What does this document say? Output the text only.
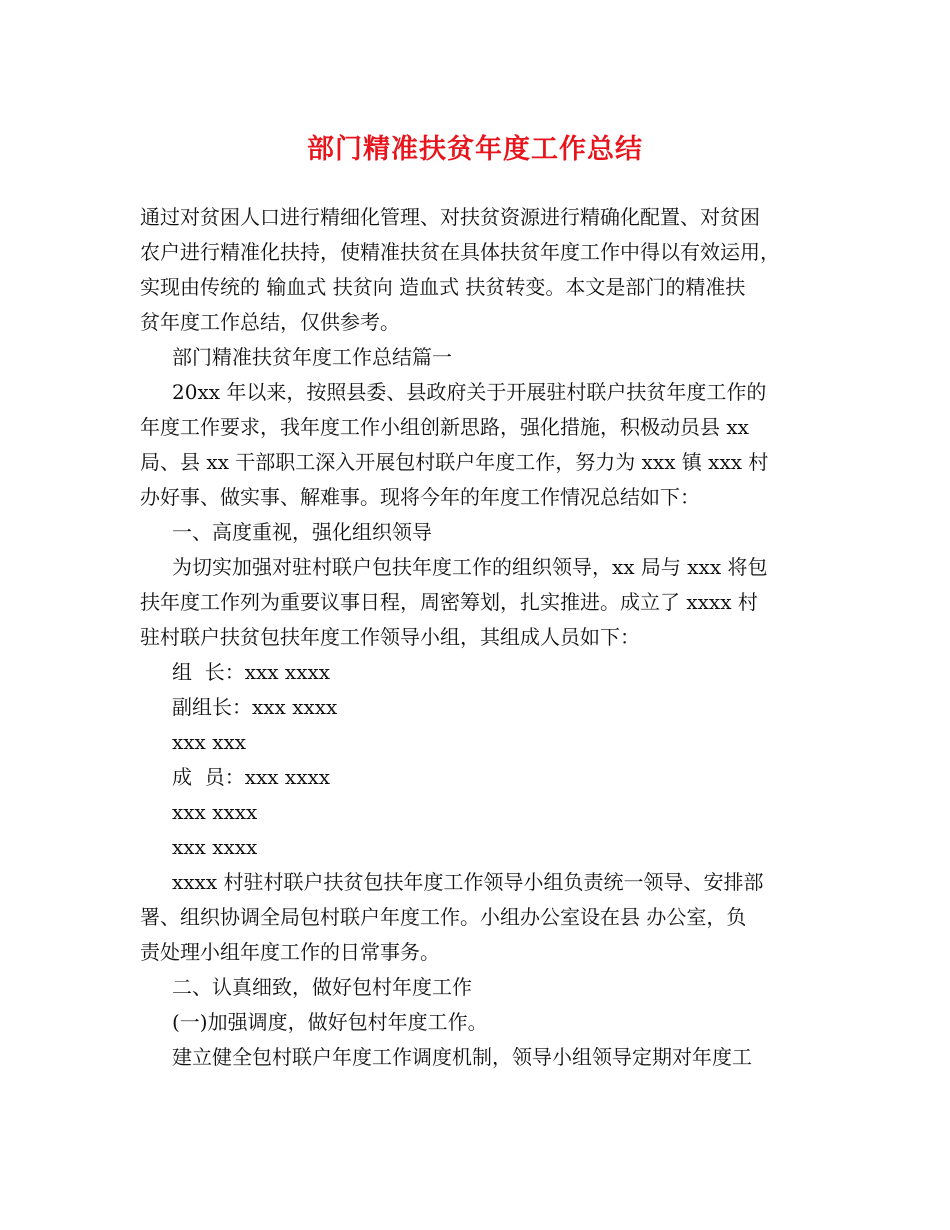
部门精准扶贫年度工作总结
通过对贫困人口进行精细化管理、对扶贫资源进行精确化配置、对贫困
农户进行精准化扶持，使精准扶贫在具体扶贫年度工作中得以有效运用，
实现由传统的 输血式 扶贫向 造血式 扶贫转变。本文是部门的精准扶
贫年度工作总结，仅供参考。
部门精准扶贫年度工作总结篇一
20xx 年以来，按照县委、县政府关于开展驻村联户扶贫年度工作的
年度工作要求，我年度工作小组创新思路，强化措施，积极动员县 xx
局、县 xx 干部职工深入开展包村联户年度工作，努力为 xxx 镇 xxx 村
办好事、做实事、解难事。现将今年的年度工作情况总结如下：
一、高度重视，强化组织领导
为切实加强对驻村联户包扶年度工作的组织领导，xx 局与 xxx 将包
扶年度工作列为重要议事日程，周密筹划，扎实推进。成立了 xxxx 村
驻村联户扶贫包扶年度工作领导小组，其组成人员如下：
组  长：xxx xxxx
副组长：xxx xxxx
xxx xxx
成  员：xxx xxxx
xxx xxxx
xxx xxxx
xxxx 村驻村联户扶贫包扶年度工作领导小组负责统一领导、安排部
署、组织协调全局包村联户年度工作。小组办公室设在县 办公室，负
责处理小组年度工作的日常事务。
二、认真细致，做好包村年度工作
(一)加强调度，做好包村年度工作。
建立健全包村联户年度工作调度机制，领导小组领导定期对年度工
